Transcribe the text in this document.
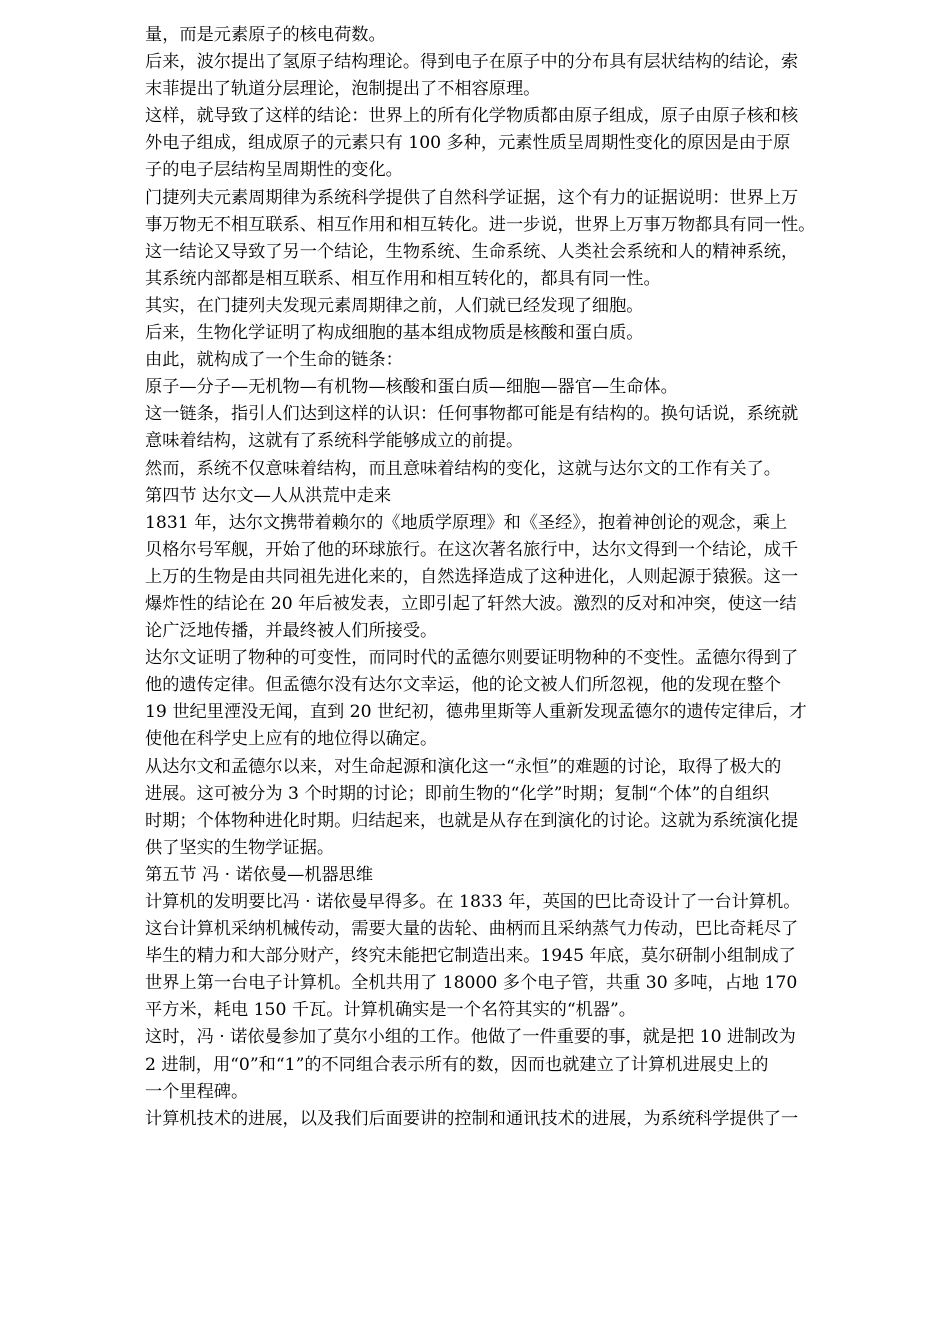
量，而是元素原子的核电荷数。
后来，波尔提出了氢原子结构理论。得到电子在原子中的分布具有层状结构的结论，索
末菲提出了轨道分层理论，泡制提出了不相容原理。
这样，就导致了这样的结论：世界上的所有化学物质都由原子组成，原子由原子核和核
外电子组成，组成原子的元素只有 100 多种，元素性质呈周期性变化的原因是由于原
子的电子层结构呈周期性的变化。
门捷列夫元素周期律为系统科学提供了自然科学证据，这个有力的证据说明：世界上万
事万物无不相互联系、相互作用和相互转化。进一步说，世界上万事万物都具有同一性。
这一结论又导致了另一个结论，生物系统、生命系统、人类社会系统和人的精神系统，
其系统内部都是相互联系、相互作用和相互转化的，都具有同一性。
其实，在门捷列夫发现元素周期律之前，人们就已经发现了细胞。
后来，生物化学证明了构成细胞的基本组成物质是核酸和蛋白质。
由此，就构成了一个生命的链条：
原子—分子—无机物—有机物—核酸和蛋白质—细胞—器官—生命体。
这一链条，指引人们达到这样的认识：任何事物都可能是有结构的。换句话说，系统就
意味着结构，这就有了系统科学能够成立的前提。
然而，系统不仅意味着结构，而且意味着结构的变化，这就与达尔文的工作有关了。
第四节 达尔文—人从洪荒中走来
1831 年，达尔文携带着赖尔的《地质学原理》和《圣经》，抱着神创论的观念，乘上
贝格尔号军舰，开始了他的环球旅行。在这次著名旅行中，达尔文得到一个结论，成千
上万的生物是由共同祖先进化来的，自然选择造成了这种进化，人则起源于猿猴。这一
爆炸性的结论在 20 年后被发表，立即引起了轩然大波。激烈的反对和冲突，使这一结
论广泛地传播，并最终被人们所接受。
达尔文证明了物种的可变性，而同时代的孟德尔则要证明物种的不变性。孟德尔得到了
他的遗传定律。但孟德尔没有达尔文幸运，他的论文被人们所忽视，他的发现在整个
19 世纪里湮没无闻，直到 20 世纪初，德弗里斯等人重新发现孟德尔的遗传定律后，才
使他在科学史上应有的地位得以确定。
从达尔文和孟德尔以来，对生命起源和演化这一“永恒”的难题的讨论，取得了极大的
进展。这可被分为 3 个时期的讨论；即前生物的“化学”时期；复制“个体”的自组织
时期；个体物种进化时期。归结起来，也就是从存在到演化的讨论。这就为系统演化提
供了坚实的生物学证据。
第五节 冯 · 诺依曼—机器思维
计算机的发明要比冯 · 诺依曼早得多。在 1833 年，英国的巴比奇设计了一台计算机。
这台计算机采纳机械传动，需要大量的齿轮、曲柄而且采纳蒸气力传动，巴比奇耗尽了
毕生的精力和大部分财产，终究未能把它制造出来。1945 年底，莫尔研制小组制成了
世界上第一台电子计算机。全机共用了 18000 多个电子管，共重 30 多吨，占地 170
平方米，耗电 150 千瓦。计算机确实是一个名符其实的“机器”。
这时，冯 · 诺依曼参加了莫尔小组的工作。他做了一件重要的事，就是把 10 进制改为
2 进制，用“0”和“1”的不同组合表示所有的数，因而也就建立了计算机进展史上的
一个里程碑。
计算机技术的进展，以及我们后面要讲的控制和通讯技术的进展，为系统科学提供了一
